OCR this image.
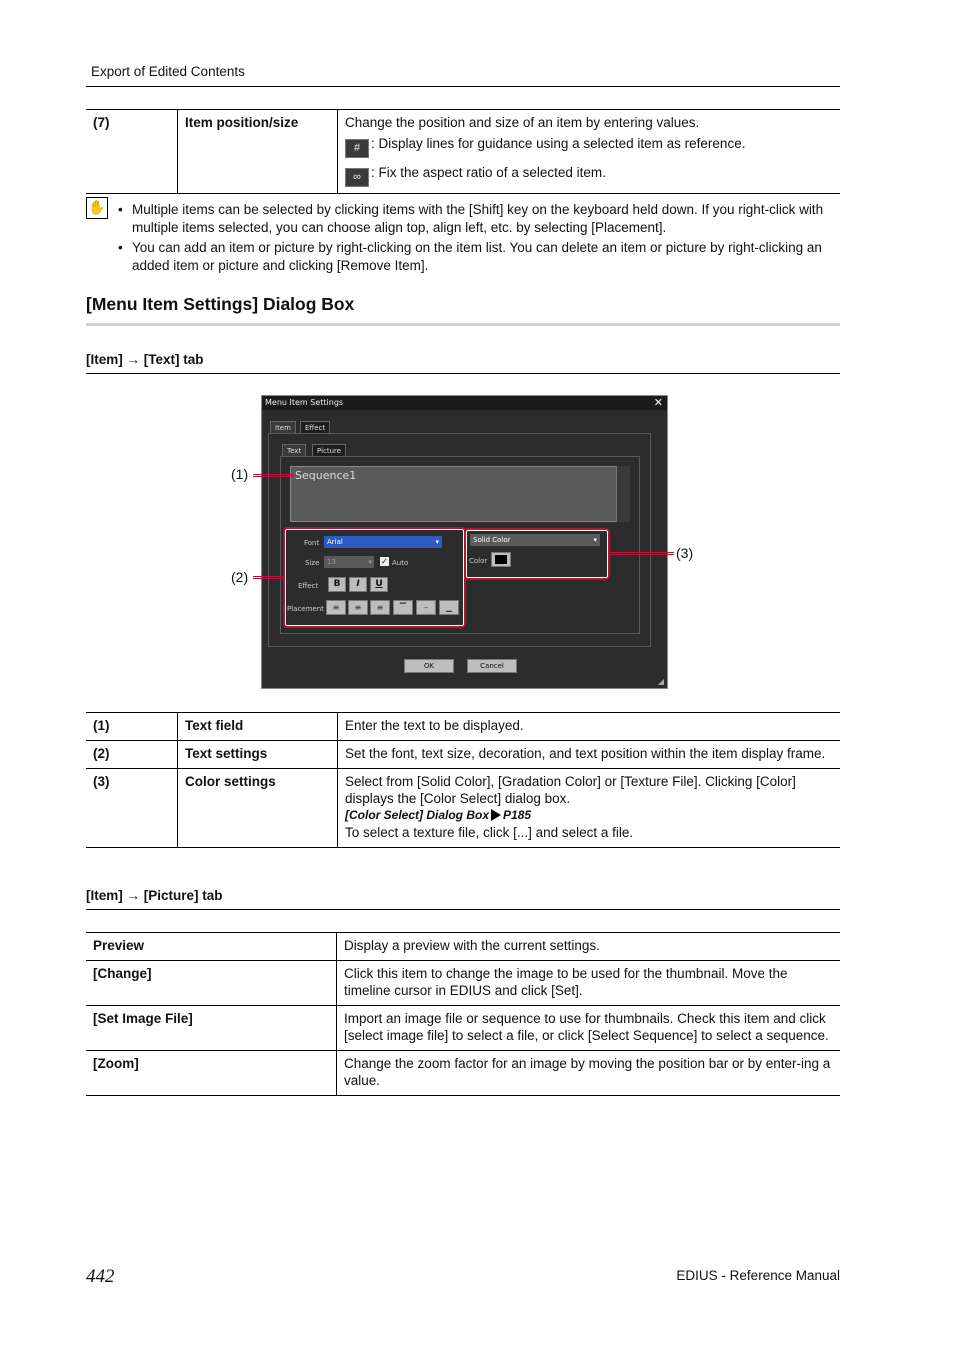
Export of Edited Contents
(7)	Item position/size	Change the position and size of an item by entering values.
# : Display lines for guidance using a selected item as reference.
∞ : Fix the aspect ratio of a selected item.
✋	• Multiple items can be selected by clicking items with the [Shift] key on the keyboard held down. If you right-click with multiple items selected, you can choose align top, align left, etc. by selecting [Placement].
• You can add an item or picture by right-clicking on the item list. You can delete an item or picture by right-clicking an added item or picture and clicking [Remove Item].
[Menu Item Settings] Dialog Box
[Item] → [Text] tab
Menu Item Settings	✕
Item	Effect
Text	Picture
Sequence1
Font	Arial	▾
Size	13	▾ ✓ Auto
Effect	B	I	U
Placement	≡	≡	≡	▔	–	▁
Solid Color	▾
Color
OK	Cancel
◢
(1)
(2)
(3)
(1)	Text field	Enter the text to be displayed.
(2)	Text settings	Set the font, text size, decoration, and text position within the item display frame.
(3)	Color settings	Select from [Solid Color], [Gradation Color] or [Texture File]. Clicking [Color] displays the [Color Select] dialog box.
[Color Select] Dialog Box P185
To select a texture file, click [...] and select a file.
[Item] → [Picture] tab
Preview	Display a preview with the current settings.
[Change]	Click this item to change the image to be used for the thumbnail. Move the timeline cursor in EDIUS and click [Set].
[Set Image File]	Import an image file or sequence to use for thumbnails. Check this item and click [select image file] to select a file, or click [Select Sequence] to select a sequence.
[Zoom]	Change the zoom factor for an image by moving the position bar or by enter-ing a value.
442	EDIUS - Reference Manual
